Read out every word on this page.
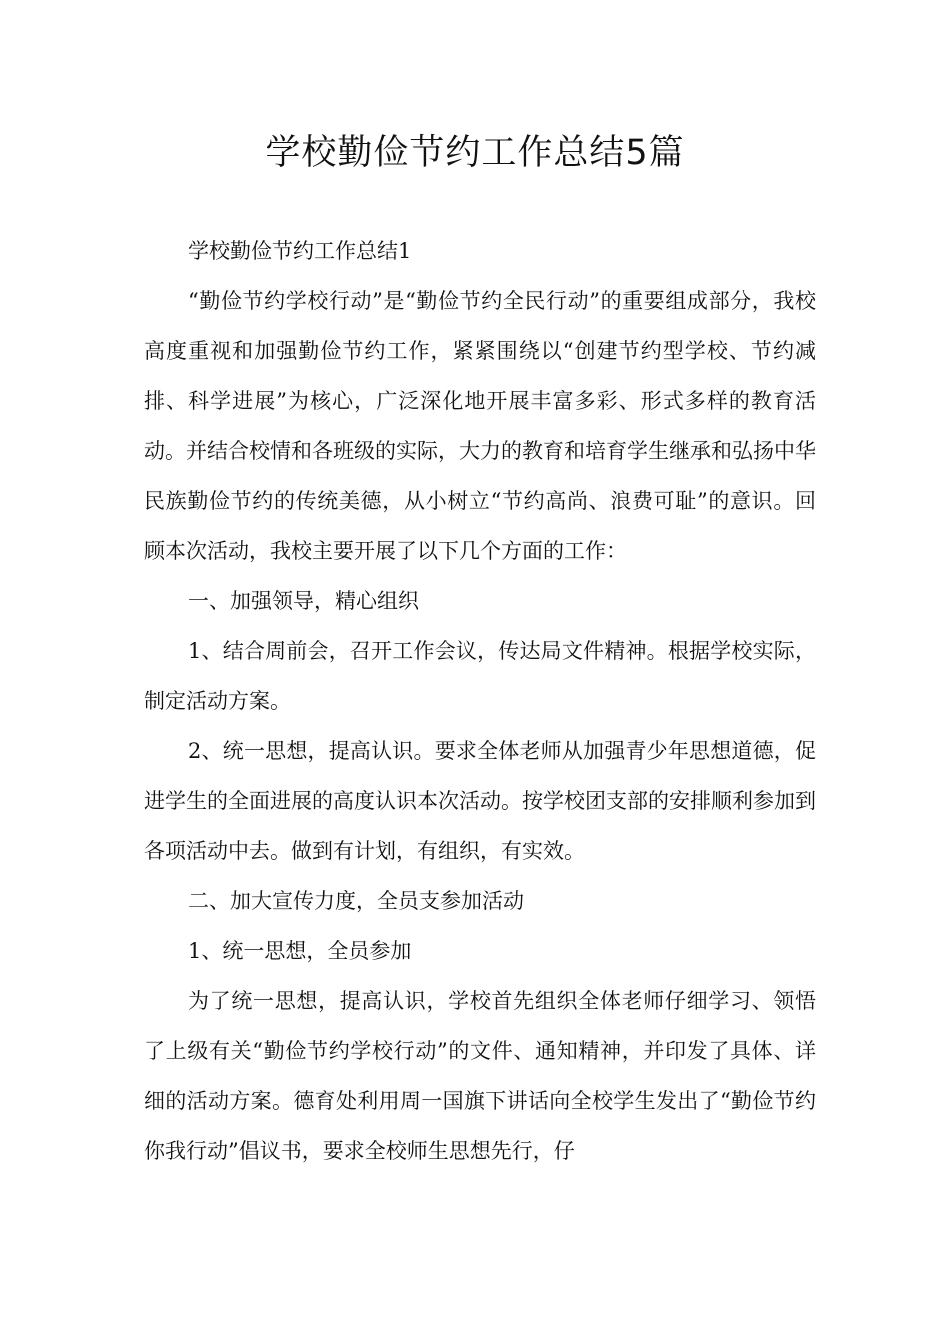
学校勤俭节约工作总结5篇

学校勤俭节约工作总结1

“勤俭节约学校行动”是“勤俭节约全民行动”的重要组成部分，我校高度重视和加强勤俭节约工作，紧紧围绕以“创建节约型学校、节约减排、科学进展”为核心，广泛深化地开展丰富多彩、形式多样的教育活动。并结合校情和各班级的实际，大力的教育和培育学生继承和弘扬中华民族勤俭节约的传统美德，从小树立“节约高尚、浪费可耻”的意识。回顾本次活动，我校主要开展了以下几个方面的工作：

一、加强领导，精心组织

1、结合周前会，召开工作会议，传达局文件精神。根据学校实际，制定活动方案。

2、统一思想，提高认识。要求全体老师从加强青少年思想道德，促进学生的全面进展的高度认识本次活动。按学校团支部的安排顺利参加到各项活动中去。做到有计划，有组织，有实效。

二、加大宣传力度，全员支参加活动

1、统一思想，全员参加

为了统一思想，提高认识，学校首先组织全体老师仔细学习、领悟了上级有关“勤俭节约学校行动”的文件、通知精神，并印发了具体、详细的活动方案。德育处利用周一国旗下讲话向全校学生发出了“勤俭节约你我行动”倡议书，要求全校师生思想先行，仔
